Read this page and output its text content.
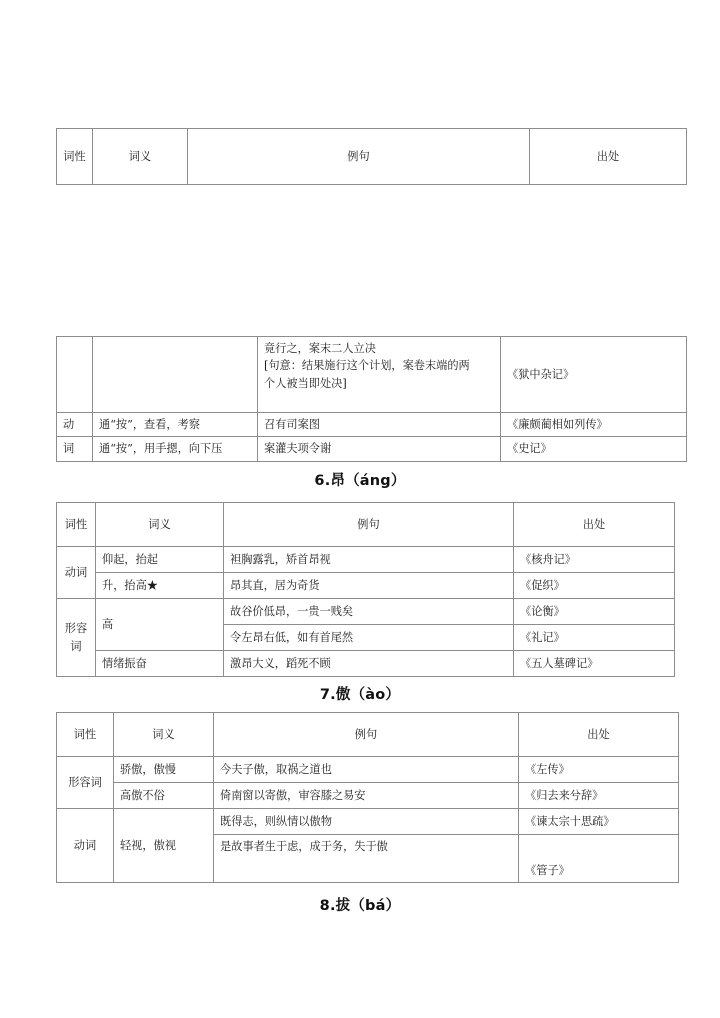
词性	词义	例句	出处

		竟行之，案末二人立决
[句意：结果施行这个计划，案卷末端的两
个人被当即处决]	《狱中杂记》
动	通“按”，查看，考察	召有司案图	《廉颇蔺相如列传》
词	通“按”，用手摁，向下压	案灌夫项令谢	《史记》
6.昂（áng）
词性	词义	例句	出处
动词	仰起，抬起	袒胸露乳，矫首昂视	《核舟记》
	升，抬高★	昂其直，居为奇货	《促织》
形容词	高	故谷价低昂，一贵一贱矣	《论衡》
		令左昂右低，如有首尾然	《礼记》
	情绪振奋	激昂大义，蹈死不顾	《五人墓碑记》
7.傲（ào）
词性	词义	例句	出处
形容词	骄傲，傲慢	今夫子傲，取祸之道也	《左传》
	高傲不俗	倚南窗以寄傲，审容膝之易安	《归去来兮辞》
动词	轻视，傲视	既得志，则纵情以傲物	《谏太宗十思疏》
		是故事者生于虑，成于务，失于傲	《管子》
8.拔（bá）
